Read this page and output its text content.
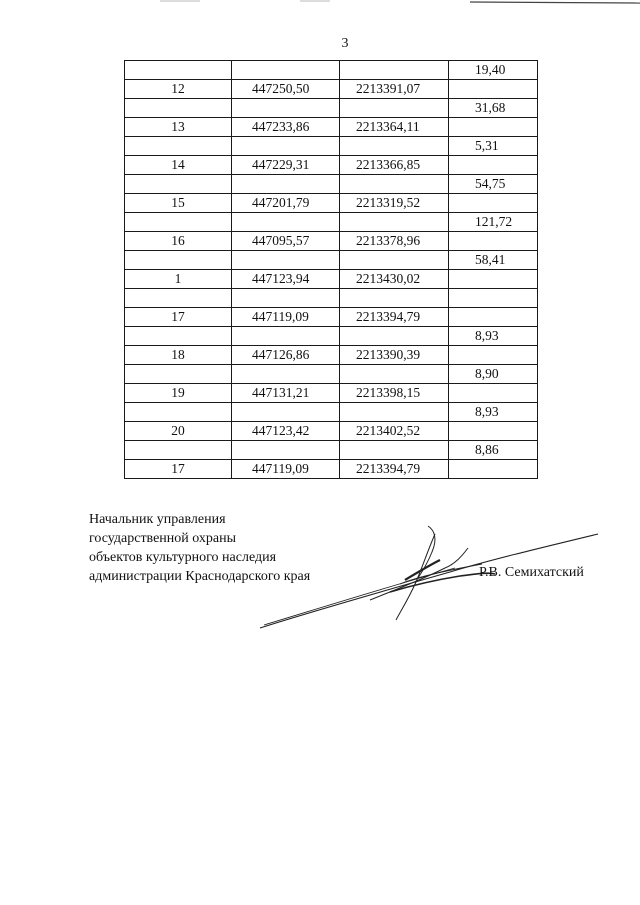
3
			19,40
12	447250,50	2213391,07	
			31,68
13	447233,86	2213364,11	
			5,31
14	447229,31	2213366,85	
			54,75
15	447201,79	2213319,52	
			121,72
16	447095,57	2213378,96	
			58,41
1	447123,94	2213430,02	

17	447119,09	2213394,79	
			8,93
18	447126,86	2213390,39	
			8,90
19	447131,21	2213398,15	
			8,93
20	447123,42	2213402,52	
			8,86
17	447119,09	2213394,79	
Начальник управления
государственной охраны
объектов культурного наследия
администрации Краснодарского края	Р.В. Семихатский
